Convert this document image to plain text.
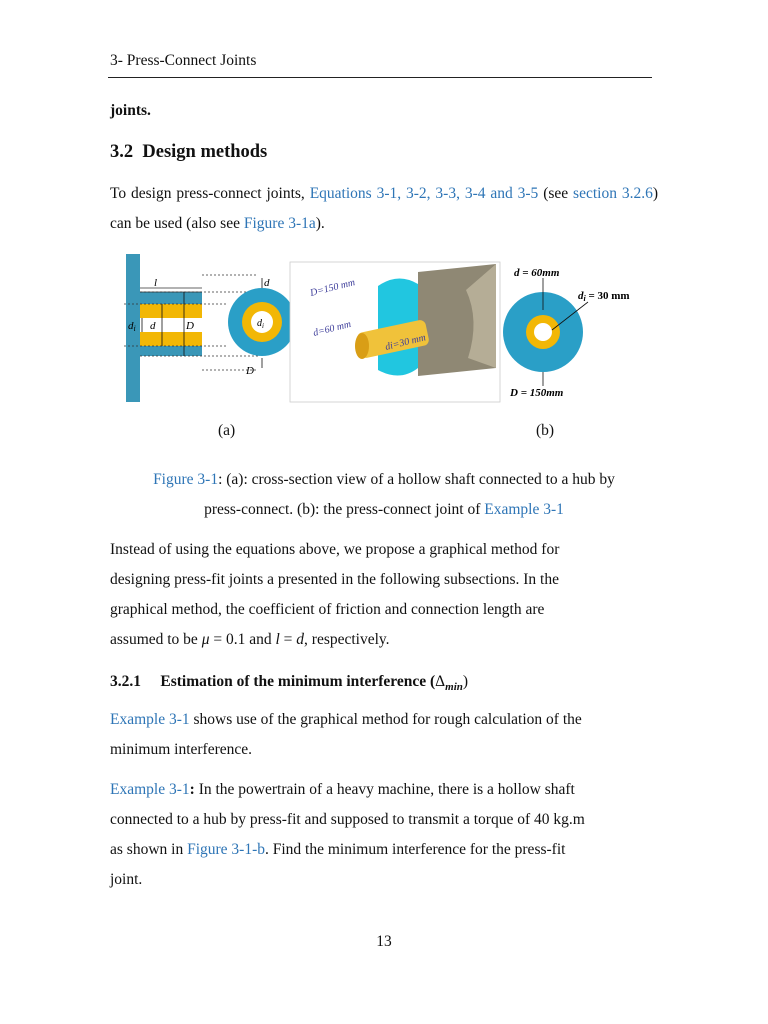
3- Press-Connect Joints
joints.
3.2 Design methods
To design press-connect joints, Equations 3-1, 3-2, 3-3, 3-4 and 3-5 (see section 3.2.6) can be used (also see Figure 3-1a).
l
di d	D	$d_i$
d
D
D=150 mm
d=60 mm
di=30 mm
d = 60mm
di = 30 mm
D = 150mm
(a)	(b)
Figure 3-1: (a): cross-section view of a hollow shaft connected to a hub by
press-connect. (b): the press-connect joint of Example 3-1
Instead of using the equations above, we propose a graphical method for
designing press-fit joints a presented in the following subsections. In the
graphical method, the coefficient of friction and connection length are
assumed to be μ = 0.1 and l = d, respectively.
3.2.1 Estimation of the minimum interference $(\Delta_{min})$
Example 3-1 shows use of the graphical method for rough calculation of the
minimum interference.
Example 3-1: In the powertrain of a heavy machine, there is a hollow shaft
connected to a hub by press-fit and supposed to transmit a torque of 40 kg.m
as shown in Figure 3-1-b. Find the minimum interference for the press-fit
joint.
13
